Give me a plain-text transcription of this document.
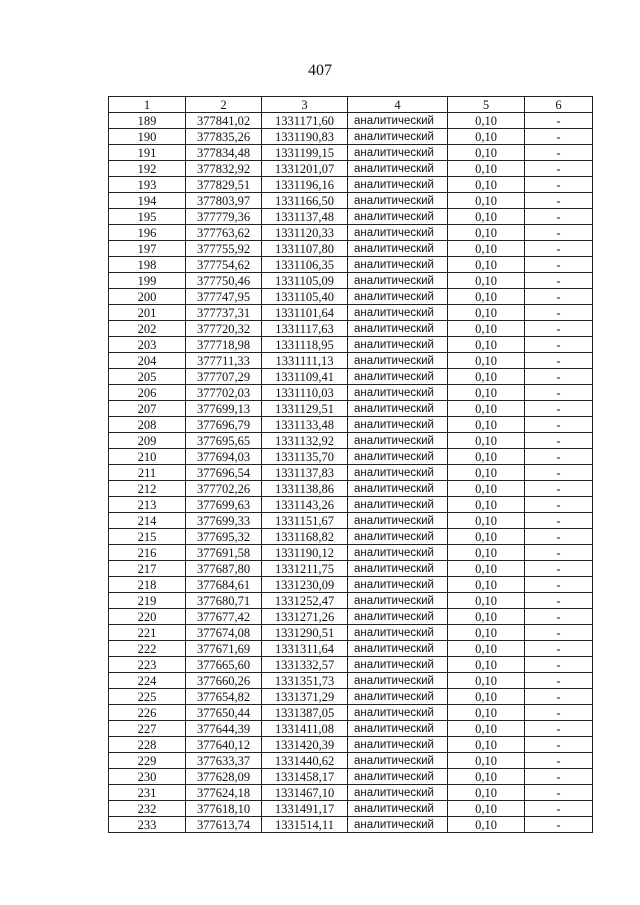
407
1	2	3	4	5	6
189	377841,02	1331171,60	аналитический	0,10	-
190	377835,26	1331190,83	аналитический	0,10	-
191	377834,48	1331199,15	аналитический	0,10	-
192	377832,92	1331201,07	аналитический	0,10	-
193	377829,51	1331196,16	аналитический	0,10	-
194	377803,97	1331166,50	аналитический	0,10	-
195	377779,36	1331137,48	аналитический	0,10	-
196	377763,62	1331120,33	аналитический	0,10	-
197	377755,92	1331107,80	аналитический	0,10	-
198	377754,62	1331106,35	аналитический	0,10	-
199	377750,46	1331105,09	аналитический	0,10	-
200	377747,95	1331105,40	аналитический	0,10	-
201	377737,31	1331101,64	аналитический	0,10	-
202	377720,32	1331117,63	аналитический	0,10	-
203	377718,98	1331118,95	аналитический	0,10	-
204	377711,33	1331111,13	аналитический	0,10	-
205	377707,29	1331109,41	аналитический	0,10	-
206	377702,03	1331110,03	аналитический	0,10	-
207	377699,13	1331129,51	аналитический	0,10	-
208	377696,79	1331133,48	аналитический	0,10	-
209	377695,65	1331132,92	аналитический	0,10	-
210	377694,03	1331135,70	аналитический	0,10	-
211	377696,54	1331137,83	аналитический	0,10	-
212	377702,26	1331138,86	аналитический	0,10	-
213	377699,63	1331143,26	аналитический	0,10	-
214	377699,33	1331151,67	аналитический	0,10	-
215	377695,32	1331168,82	аналитический	0,10	-
216	377691,58	1331190,12	аналитический	0,10	-
217	377687,80	1331211,75	аналитический	0,10	-
218	377684,61	1331230,09	аналитический	0,10	-
219	377680,71	1331252,47	аналитический	0,10	-
220	377677,42	1331271,26	аналитический	0,10	-
221	377674,08	1331290,51	аналитический	0,10	-
222	377671,69	1331311,64	аналитический	0,10	-
223	377665,60	1331332,57	аналитический	0,10	-
224	377660,26	1331351,73	аналитический	0,10	-
225	377654,82	1331371,29	аналитический	0,10	-
226	377650,44	1331387,05	аналитический	0,10	-
227	377644,39	1331411,08	аналитический	0,10	-
228	377640,12	1331420,39	аналитический	0,10	-
229	377633,37	1331440,62	аналитический	0,10	-
230	377628,09	1331458,17	аналитический	0,10	-
231	377624,18	1331467,10	аналитический	0,10	-
232	377618,10	1331491,17	аналитический	0,10	-
233	377613,74	1331514,11	аналитический	0,10	-
